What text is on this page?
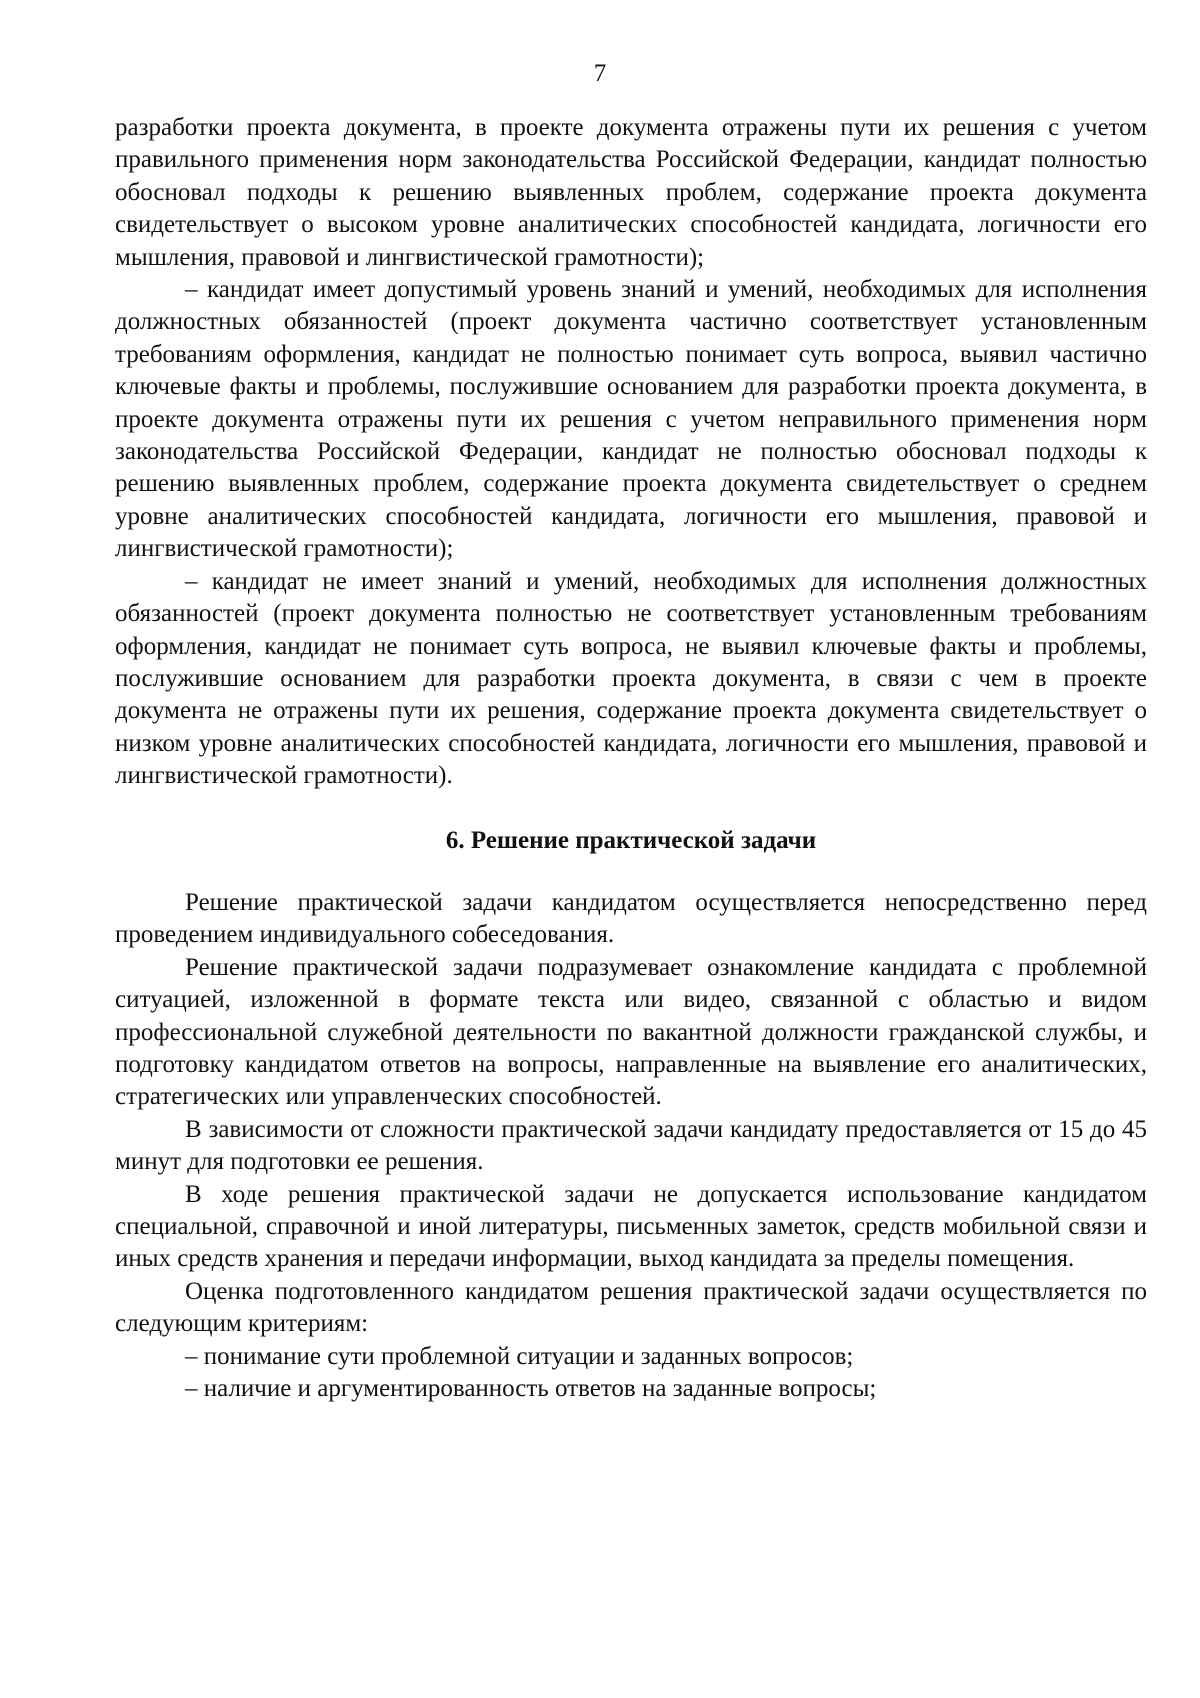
7

разработки проекта документа, в проекте документа отражены пути их решения с учетом правильного применения норм законодательства Российской Федерации, кандидат полностью обосновал подходы к решению выявленных проблем, содержание проекта документа свидетельствует о высоком уровне аналитических способностей кандидата, логичности его мышления, правовой и лингвистической грамотности);

– кандидат имеет допустимый уровень знаний и умений, необходимых для исполнения должностных обязанностей (проект документа частично соответствует установленным требованиям оформления, кандидат не полностью понимает суть вопроса, выявил частично ключевые факты и проблемы, послужившие основанием для разработки проекта документа, в проекте документа отражены пути их решения с учетом неправильного применения норм законодательства Российской Федерации, кандидат не полностью обосновал подходы к решению выявленных проблем, содержание проекта документа свидетельствует о среднем уровне аналитических способностей кандидата, логичности его мышления, правовой и лингвистической грамотности);

– кандидат не имеет знаний и умений, необходимых для исполнения должностных обязанностей (проект документа полностью не соответствует установленным требованиям оформления, кандидат не понимает суть вопроса, не выявил ключевые факты и проблемы, послужившие основанием для разработки проекта документа, в связи с чем в проекте документа не отражены пути их решения, содержание проекта документа свидетельствует о низком уровне аналитических способностей кандидата, логичности его мышления, правовой и лингвистической грамотности).

6. Решение практической задачи

Решение практической задачи кандидатом осуществляется непосредственно перед проведением индивидуального собеседования.

Решение практической задачи подразумевает ознакомление кандидата с проблемной ситуацией, изложенной в формате текста или видео, связанной с областью и видом профессиональной служебной деятельности по вакантной должности гражданской службы, и подготовку кандидатом ответов на вопросы, направленные на выявление его аналитических, стратегических или управленческих способностей.

В зависимости от сложности практической задачи кандидату предоставляется от 15 до 45 минут для подготовки ее решения.

В ходе решения практической задачи не допускается использование кандидатом специальной, справочной и иной литературы, письменных заметок, средств мобильной связи и иных средств хранения и передачи информации, выход кандидата за пределы помещения.

Оценка подготовленного кандидатом решения практической задачи осуществляется по следующим критериям:

– понимание сути проблемной ситуации и заданных вопросов;

– наличие и аргументированность ответов на заданные вопросы;
